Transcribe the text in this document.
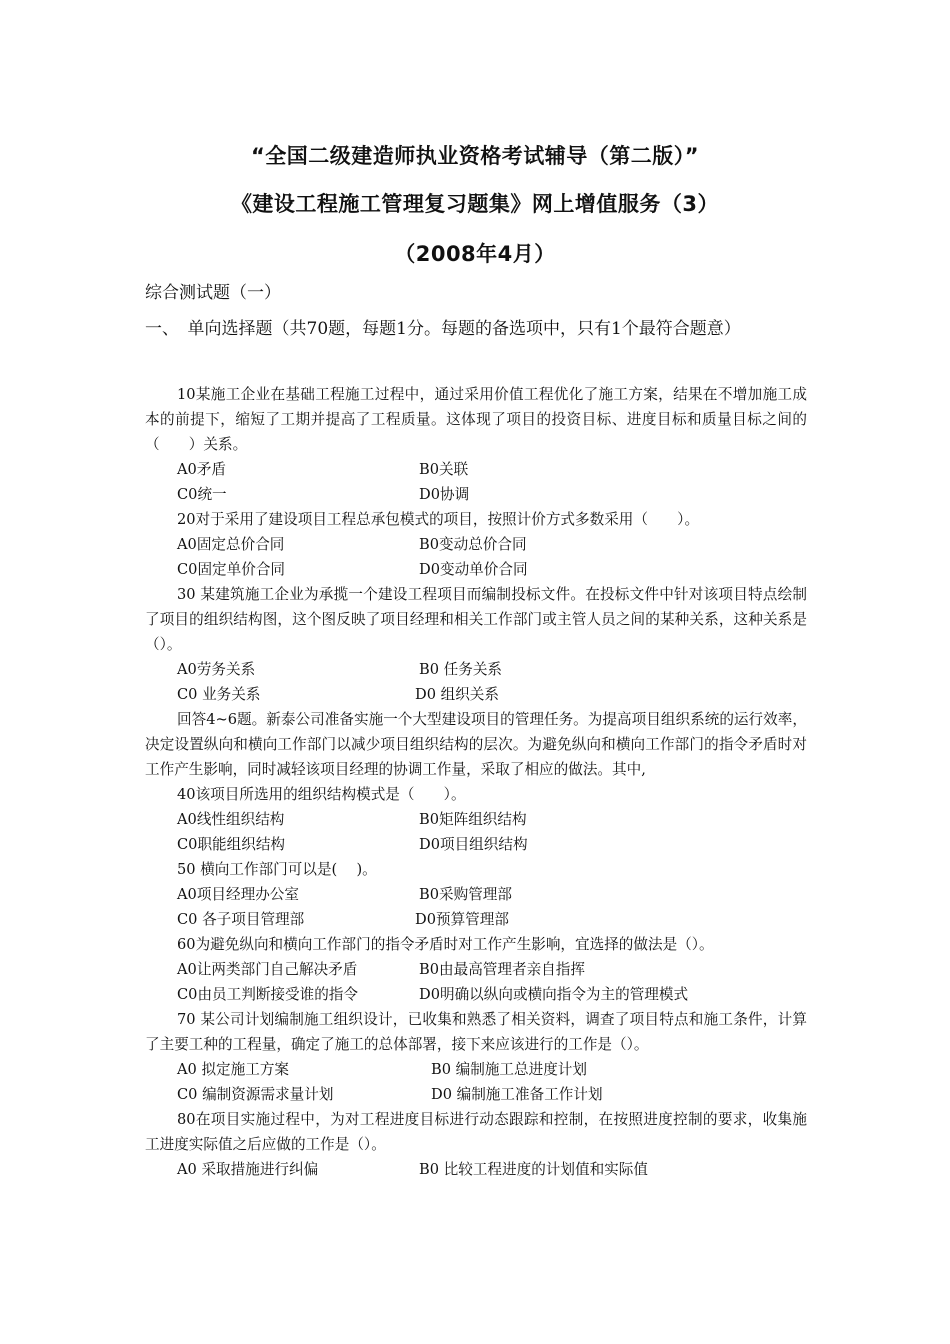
“全国二级建造师执业资格考试辅导（第二版）”
《建设工程施工管理复习题集》网上增值服务（3）
（2008年4月）
综合测试题（一）
一、　单向选择题（共70题，每题1分。每题的备选项中，只有1个最符合题意）

10某施工企业在基础工程施工过程中，通过采用价值工程优化了施工方案，结果在不增加施工成本的前提下，缩短了工期并提高了工程质量。这体现了项目的投资目标、进度目标和质量目标之间的（　　）关系。

A0矛盾	B0关联
C0统一	D0协调

20对于采用了建设项目工程总承包模式的项目，按照计价方式多数采用（　　）。

A0固定总价合同	B0变动总价合同
C0固定单价合同	D0变动单价合同

30 某建筑施工企业为承揽一个建设工程项目而编制投标文件。在投标文件中针对该项目特点绘制了项目的组织结构图，这个图反映了项目经理和相关工作部门或主管人员之间的某种关系，这种关系是（）。

A0劳务关系	B0 任务关系
C0 业务关系	D0 组织关系

回答4~6题。新泰公司准备实施一个大型建设项目的管理任务。为提高项目组织系统的运行效率，决定设置纵向和横向工作部门以减少项目组织结构的层次。为避免纵向和横向工作部门的指令矛盾时对工作产生影响，同时减轻该项目经理的协调工作量，采取了相应的做法。其中,

40该项目所选用的组织结构模式是（　　）。

A0线性组织结构	B0矩阵组织结构
C0职能组织结构	D0项目组织结构

50 横向工作部门可以是(　 )。

A0项目经理办公室	B0采购管理部
C0 各子项目管理部	D0预算管理部

60为避免纵向和横向工作部门的指令矛盾时对工作产生影响，宜选择的做法是（）。

A0让两类部门自己解决矛盾	B0由最高管理者亲自指挥
C0由员工判断接受谁的指令	D0明确以纵向或横向指令为主的管理模式

70 某公司计划编制施工组织设计，已收集和熟悉了相关资料，调查了项目特点和施工条件，计算了主要工种的工程量，确定了施工的总体部署，接下来应该进行的工作是（）。

A0 拟定施工方案	B0 编制施工总进度计划
C0 编制资源需求量计划	D0 编制施工准备工作计划

80在项目实施过程中，为对工程进度目标进行动态跟踪和控制，在按照进度控制的要求，收集施工进度实际值之后应做的工作是（）。

A0 采取措施进行纠偏	B0 比较工程进度的计划值和实际值
